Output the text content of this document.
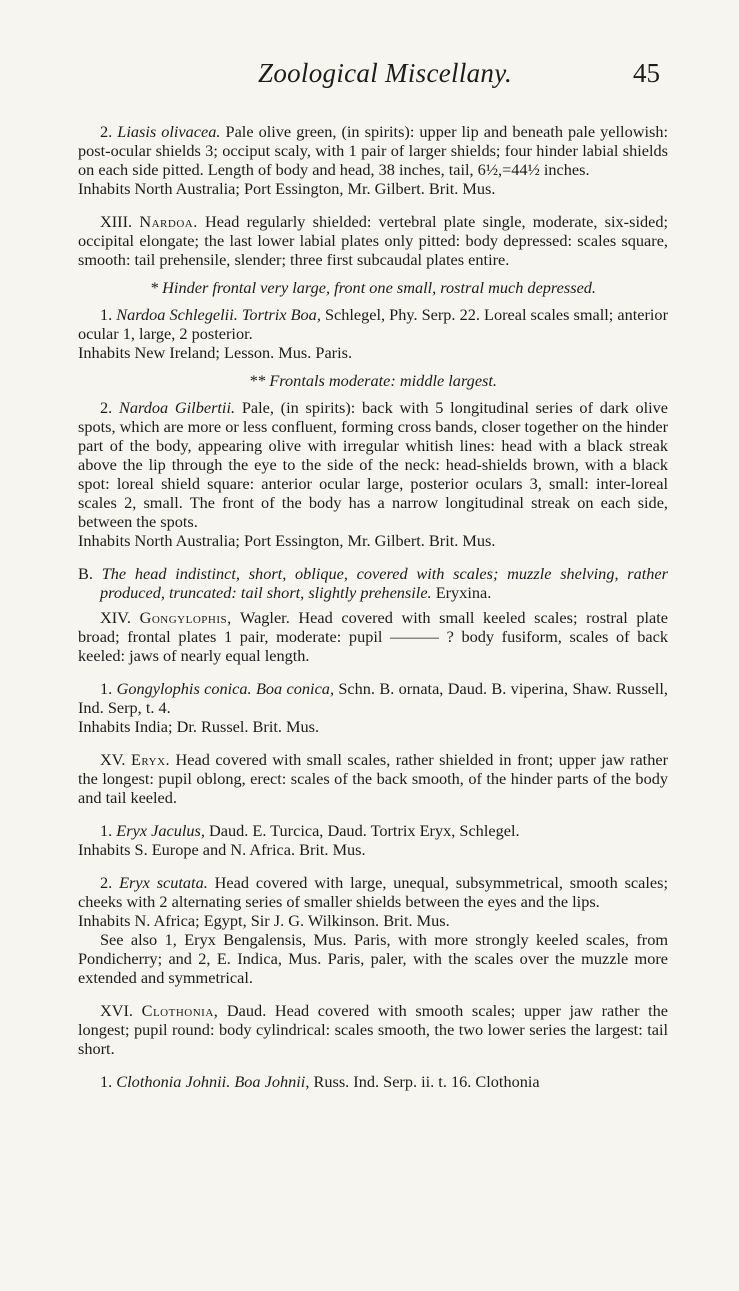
Zoological Miscellany.	45

2. Liasis olivacea. Pale olive green, (in spirits): upper lip and beneath pale yellowish: post-ocular shields 3; occiput scaly, with 1 pair of larger shields; four hinder labial shields on each side pitted. Length of body and head, 38 inches, tail, 6½,=44½ inches.

Inhabits North Australia; Port Essington, Mr. Gilbert. Brit. Mus.

XIII. Nardoa. Head regularly shielded: vertebral plate single, moderate, six-sided; occipital elongate; the last lower labial plates only pitted: body depressed: scales square, smooth: tail prehensile, slender; three first subcaudal plates entire.

* Hinder frontal very large, front one small, rostral much depressed.

1. Nardoa Schlegelii. Tortrix Boa, Schlegel, Phy. Serp. 22. Loreal scales small; anterior ocular 1, large, 2 posterior.

Inhabits New Ireland; Lesson. Mus. Paris.

** Frontals moderate: middle largest.

2. Nardoa Gilbertii. Pale, (in spirits): back with 5 longitudinal series of dark olive spots, which are more or less confluent, forming cross bands, closer together on the hinder part of the body, appearing olive with irregular whitish lines: head with a black streak above the lip through the eye to the side of the neck: head-shields brown, with a black spot: loreal shield square: anterior ocular large, posterior oculars 3, small: inter-loreal scales 2, small. The front of the body has a narrow longitudinal streak on each side, between the spots.

Inhabits North Australia; Port Essington, Mr. Gilbert. Brit. Mus.

B. The head indistinct, short, oblique, covered with scales; muzzle shelving, rather produced, truncated: tail short, slightly prehensile. Eryxina.

XIV. Gongylophis, Wagler. Head covered with small keeled scales; rostral plate broad; frontal plates 1 pair, moderate: pupil ——— ? body fusiform, scales of back keeled: jaws of nearly equal length.

1. Gongylophis conica. Boa conica, Schn. B. ornata, Daud. B. viperina, Shaw. Russell, Ind. Serp, t. 4.

Inhabits India; Dr. Russel. Brit. Mus.

XV. Eryx. Head covered with small scales, rather shielded in front; upper jaw rather the longest: pupil oblong, erect: scales of the back smooth, of the hinder parts of the body and tail keeled.

1. Eryx Jaculus, Daud. E. Turcica, Daud. Tortrix Eryx, Schlegel.

Inhabits S. Europe and N. Africa. Brit. Mus.

2. Eryx scutata. Head covered with large, unequal, subsymmetrical, smooth scales; cheeks with 2 alternating series of smaller shields between the eyes and the lips.

Inhabits N. Africa; Egypt, Sir J. G. Wilkinson. Brit. Mus.

See also 1, Eryx Bengalensis, Mus. Paris, with more strongly keeled scales, from Pondicherry; and 2, E. Indica, Mus. Paris, paler, with the scales over the muzzle more extended and symmetrical.

XVI. Clothonia, Daud. Head covered with smooth scales; upper jaw rather the longest; pupil round: body cylindrical: scales smooth, the two lower series the largest: tail short.

1. Clothonia Johnii. Boa Johnii, Russ. Ind. Serp. ii. t. 16. Clothonia
